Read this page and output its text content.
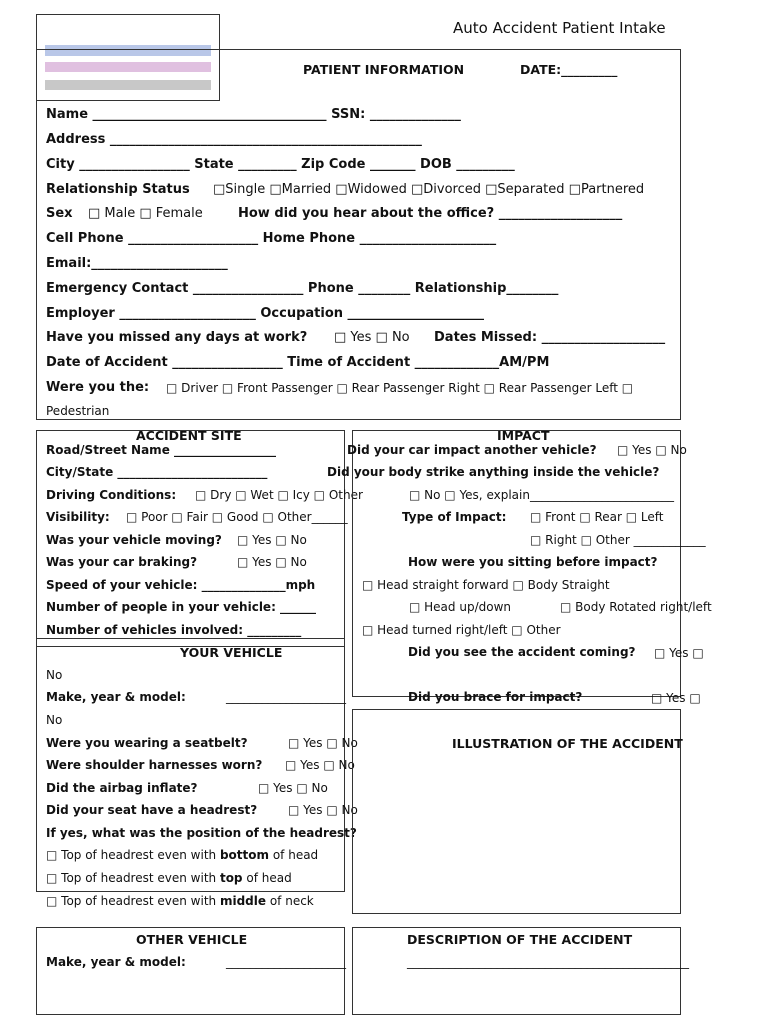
Auto Accident Patient Intake
PATIENT INFORMATION	DATE:_________
Name ____________________________________ SSN: ______________
Address ________________________________________________
City _________________ State _________ Zip Code _______ DOB _________
Relationship Status □Single □Married □Widowed □Divorced □Separated □Partnered
Sex □ Male □ Female	How did you hear about the office? ___________________
Cell Phone ____________________ Home Phone _____________________
Email:_____________________
Emergency Contact _________________ Phone ________ Relationship________
Employer _____________________ Occupation _____________________
Have you missed any days at work? □ Yes □ No Dates Missed: ___________________
Date of Accident _________________ Time of Accident _____________AM/PM
Were you the: □ Driver □ Front Passenger □ Rear Passenger Right □ Rear Passenger Left □
Pedestrian
ACCIDENT SITE
Road/Street Name _________________
City/State _________________________
Driving Conditions: □ Dry □ Wet □ Icy □ Other
Visibility: □ Poor □ Fair □ Good □ Other______
Was your vehicle moving? □ Yes □ No
Was your car braking?	□ Yes □ No
Speed of your vehicle: ______________mph
Number of people in your vehicle: ______
Number of vehicles involved: _________
IMPACT
Did your car impact another vehicle? □ Yes □ No
Did your body strike anything inside the vehicle?
□ No □ Yes, explain________________________
Type of Impact: □ Front □ Rear □ Left
□ Right □ Other ____________
How were you sitting before impact?
□ Head straight forward □ Body Straight
□ Head up/down	□ Body Rotated right/left
□ Head turned right/left □ Other
Did you see the accident coming? □ Yes □
Did you brace for impact?	□ Yes □
YOUR VEHICLE
No
Make, year & model:	____________________
No
Were you wearing a seatbelt?	□ Yes □ No
Were shoulder harnesses worn? □ Yes □ No
Did the airbag inflate?	□ Yes □ No
Did your seat have a headrest?	□ Yes □ No
If yes, what was the position of the headrest?
□ Top of headrest even with bottom of head
□ Top of headrest even with top of head
□ Top of headrest even with middle of neck
ILLUSTRATION OF THE ACCIDENT
OTHER VEHICLE
Make, year & model:	____________________
DESCRIPTION OF THE ACCIDENT
_______________________________________________
